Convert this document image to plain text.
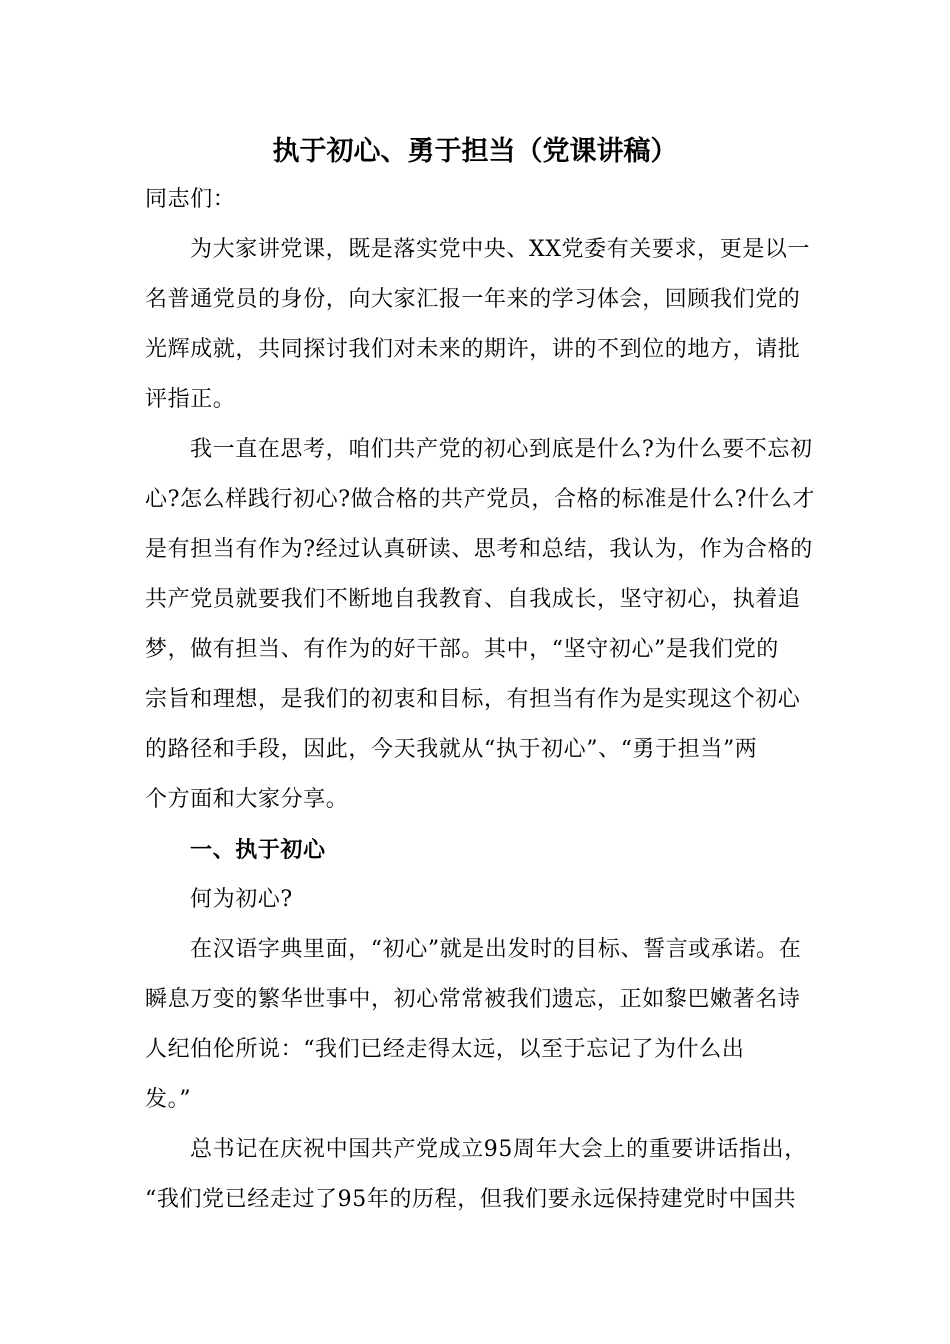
执于初心、勇于担当（党课讲稿）
同志们：
为大家讲党课，既是落实党中央、XX党委有关要求，更是以一
名普通党员的身份，向大家汇报一年来的学习体会，回顾我们党的
光辉成就，共同探讨我们对未来的期许，讲的不到位的地方，请批
评指正。
我一直在思考，咱们共产党的初心到底是什么?为什么要不忘初
心?怎么样践行初心?做合格的共产党员，合格的标准是什么?什么才
是有担当有作为?经过认真研读、思考和总结，我认为，作为合格的
共产党员就要我们不断地自我教育、自我成长，坚守初心，执着追
梦，做有担当、有作为的好干部。其中，“坚守初心”是我们党的
宗旨和理想，是我们的初衷和目标，有担当有作为是实现这个初心
的路径和手段，因此，今天我就从“执于初心”、“勇于担当”两
个方面和大家分享。
一、执于初心
何为初心?
在汉语字典里面，“初心”就是出发时的目标、誓言或承诺。在
瞬息万变的繁华世事中，初心常常被我们遗忘，正如黎巴嫩著名诗
人纪伯伦所说：“我们已经走得太远，以至于忘记了为什么出
发。”
总书记在庆祝中国共产党成立95周年大会上的重要讲话指出，
“我们党已经走过了95年的历程，但我们要永远保持建党时中国共
